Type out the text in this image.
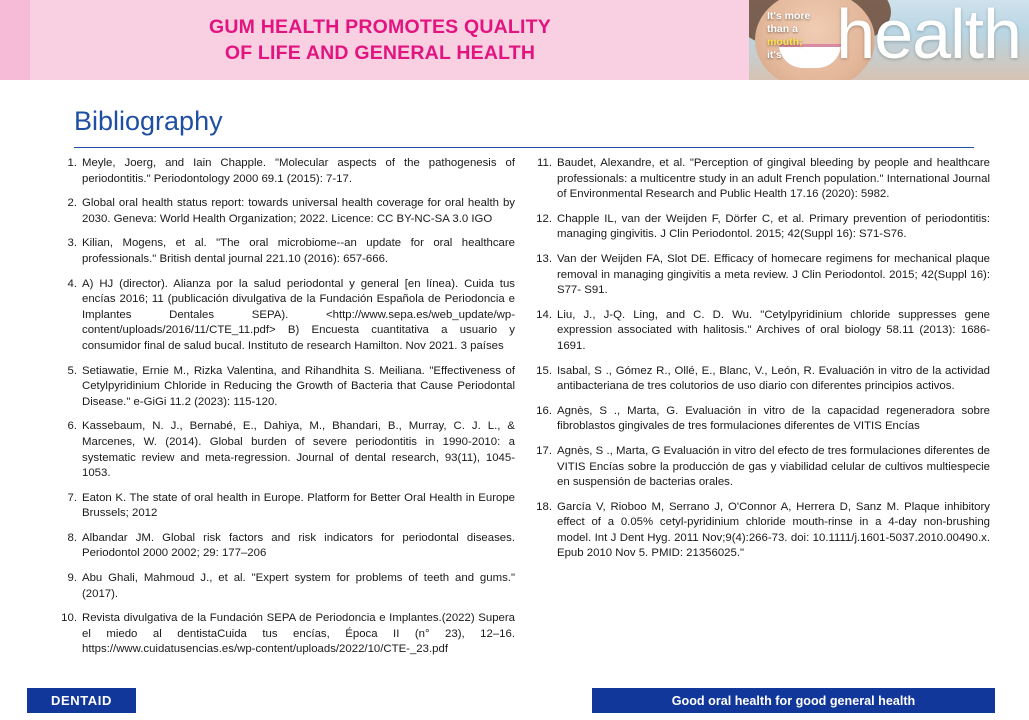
GUM HEALTH PROMOTES QUALITY
OF LIFE AND GENERAL HEALTH
It's more
than a
mouth;
it's health
Bibliography
1. Meyle, Joerg, and Iain Chapple. "Molecular aspects of the pathogenesis of periodontitis." Periodontology 2000 69.1 (2015): 7-17.
2. Global oral health status report: towards universal health coverage for oral health by 2030. Geneva: World Health Organization; 2022. Licence: CC BY-NC-SA 3.0 IGO
3. Kilian, Mogens, et al. "The oral microbiome--an update for oral healthcare professionals." British dental journal 221.10 (2016): 657-666.
4. A) HJ (director). Alianza por la salud periodontal y general [en línea). Cuida tus encías 2016; 11 (publicación divulgativa de la Fundación Española de Periodoncia e Implantes Dentales SEPA). <http://www.sepa.es/web_update/wp-content/uploads/2016/11/CTE_11.pdf> B) Encuesta cuantitativa a usuario y consumidor final de salud bucal. Instituto de research Hamilton. Nov 2021. 3 países
5. Setiawatie, Ernie M., Rizka Valentina, and Rihandhita S. Meiliana. "Effectiveness of Cetylpyridinium Chloride in Reducing the Growth of Bacteria that Cause Periodontal Disease." e-GiGi 11.2 (2023): 115-120.
6. Kassebaum, N. J., Bernabé, E., Dahiya, M., Bhandari, B., Murray, C. J. L., & Marcenes, W. (2014). Global burden of severe periodontitis in 1990-2010: a systematic review and meta-regression. Journal of dental research, 93(11), 1045-1053.
7. Eaton K. The state of oral health in Europe. Platform for Better Oral Health in Europe Brussels; 2012
8. Albandar JM. Global risk factors and risk indicators for periodontal diseases. Periodontol 2000 2002; 29: 177–206
9. Abu Ghali, Mahmoud J., et al. "Expert system for problems of teeth and gums." (2017).
10. Revista divulgativa de la Fundación SEPA de Periodoncia e Implantes.(2022) Supera el miedo al dentistaCuida tus encías, Época II (n° 23), 12–16. https://www.cuidatusencias.es/wp-content/uploads/2022/10/CTE-_23.pdf
11. Baudet, Alexandre, et al. "Perception of gingival bleeding by people and healthcare professionals: a multicentre study in an adult French population." International Journal of Environmental Research and Public Health 17.16 (2020): 5982.
12. Chapple IL, van der Weijden F, Dörfer C, et al. Primary prevention of periodontitis: managing gingivitis. J Clin Periodontol. 2015; 42(Suppl 16): S71-S76.
13. Van der Weijden FA, Slot DE. Efficacy of homecare regimens for mechanical plaque removal in managing gingivitis a meta review. J Clin Periodontol. 2015; 42(Suppl 16): S77- S91.
14. Liu, J., J-Q. Ling, and C. D. Wu. "Cetylpyridinium chloride suppresses gene expression associated with halitosis." Archives of oral biology 58.11 (2013): 1686-1691.
15. Isabal, S ., Gómez R., Ollé, E., Blanc, V., León, R. Evaluación in vitro de la actividad antibacteriana de tres colutorios de uso diario con diferentes principios activos.
16. Agnès, S ., Marta, G. Evaluación in vitro de la capacidad regeneradora sobre fibroblastos gingivales de tres formulaciones diferentes de VITIS Encías
17. Agnès, S ., Marta, G Evaluación in vitro del efecto de tres formulaciones diferentes de VITIS Encías sobre la producción de gas y viabilidad celular de cultivos multiespecie en suspensión de bacterias orales.
18. García V, Rioboo M, Serrano J, O'Connor A, Herrera D, Sanz M. Plaque inhibitory effect of a 0.05% cetyl-pyridinium chloride mouth-rinse in a 4-day non-brushing model. Int J Dent Hyg. 2011 Nov;9(4):266-73. doi: 10.1111/j.1601-5037.2010.00490.x. Epub 2010 Nov 5. PMID: 21356025."
DENTAID	Good oral health for good general health
